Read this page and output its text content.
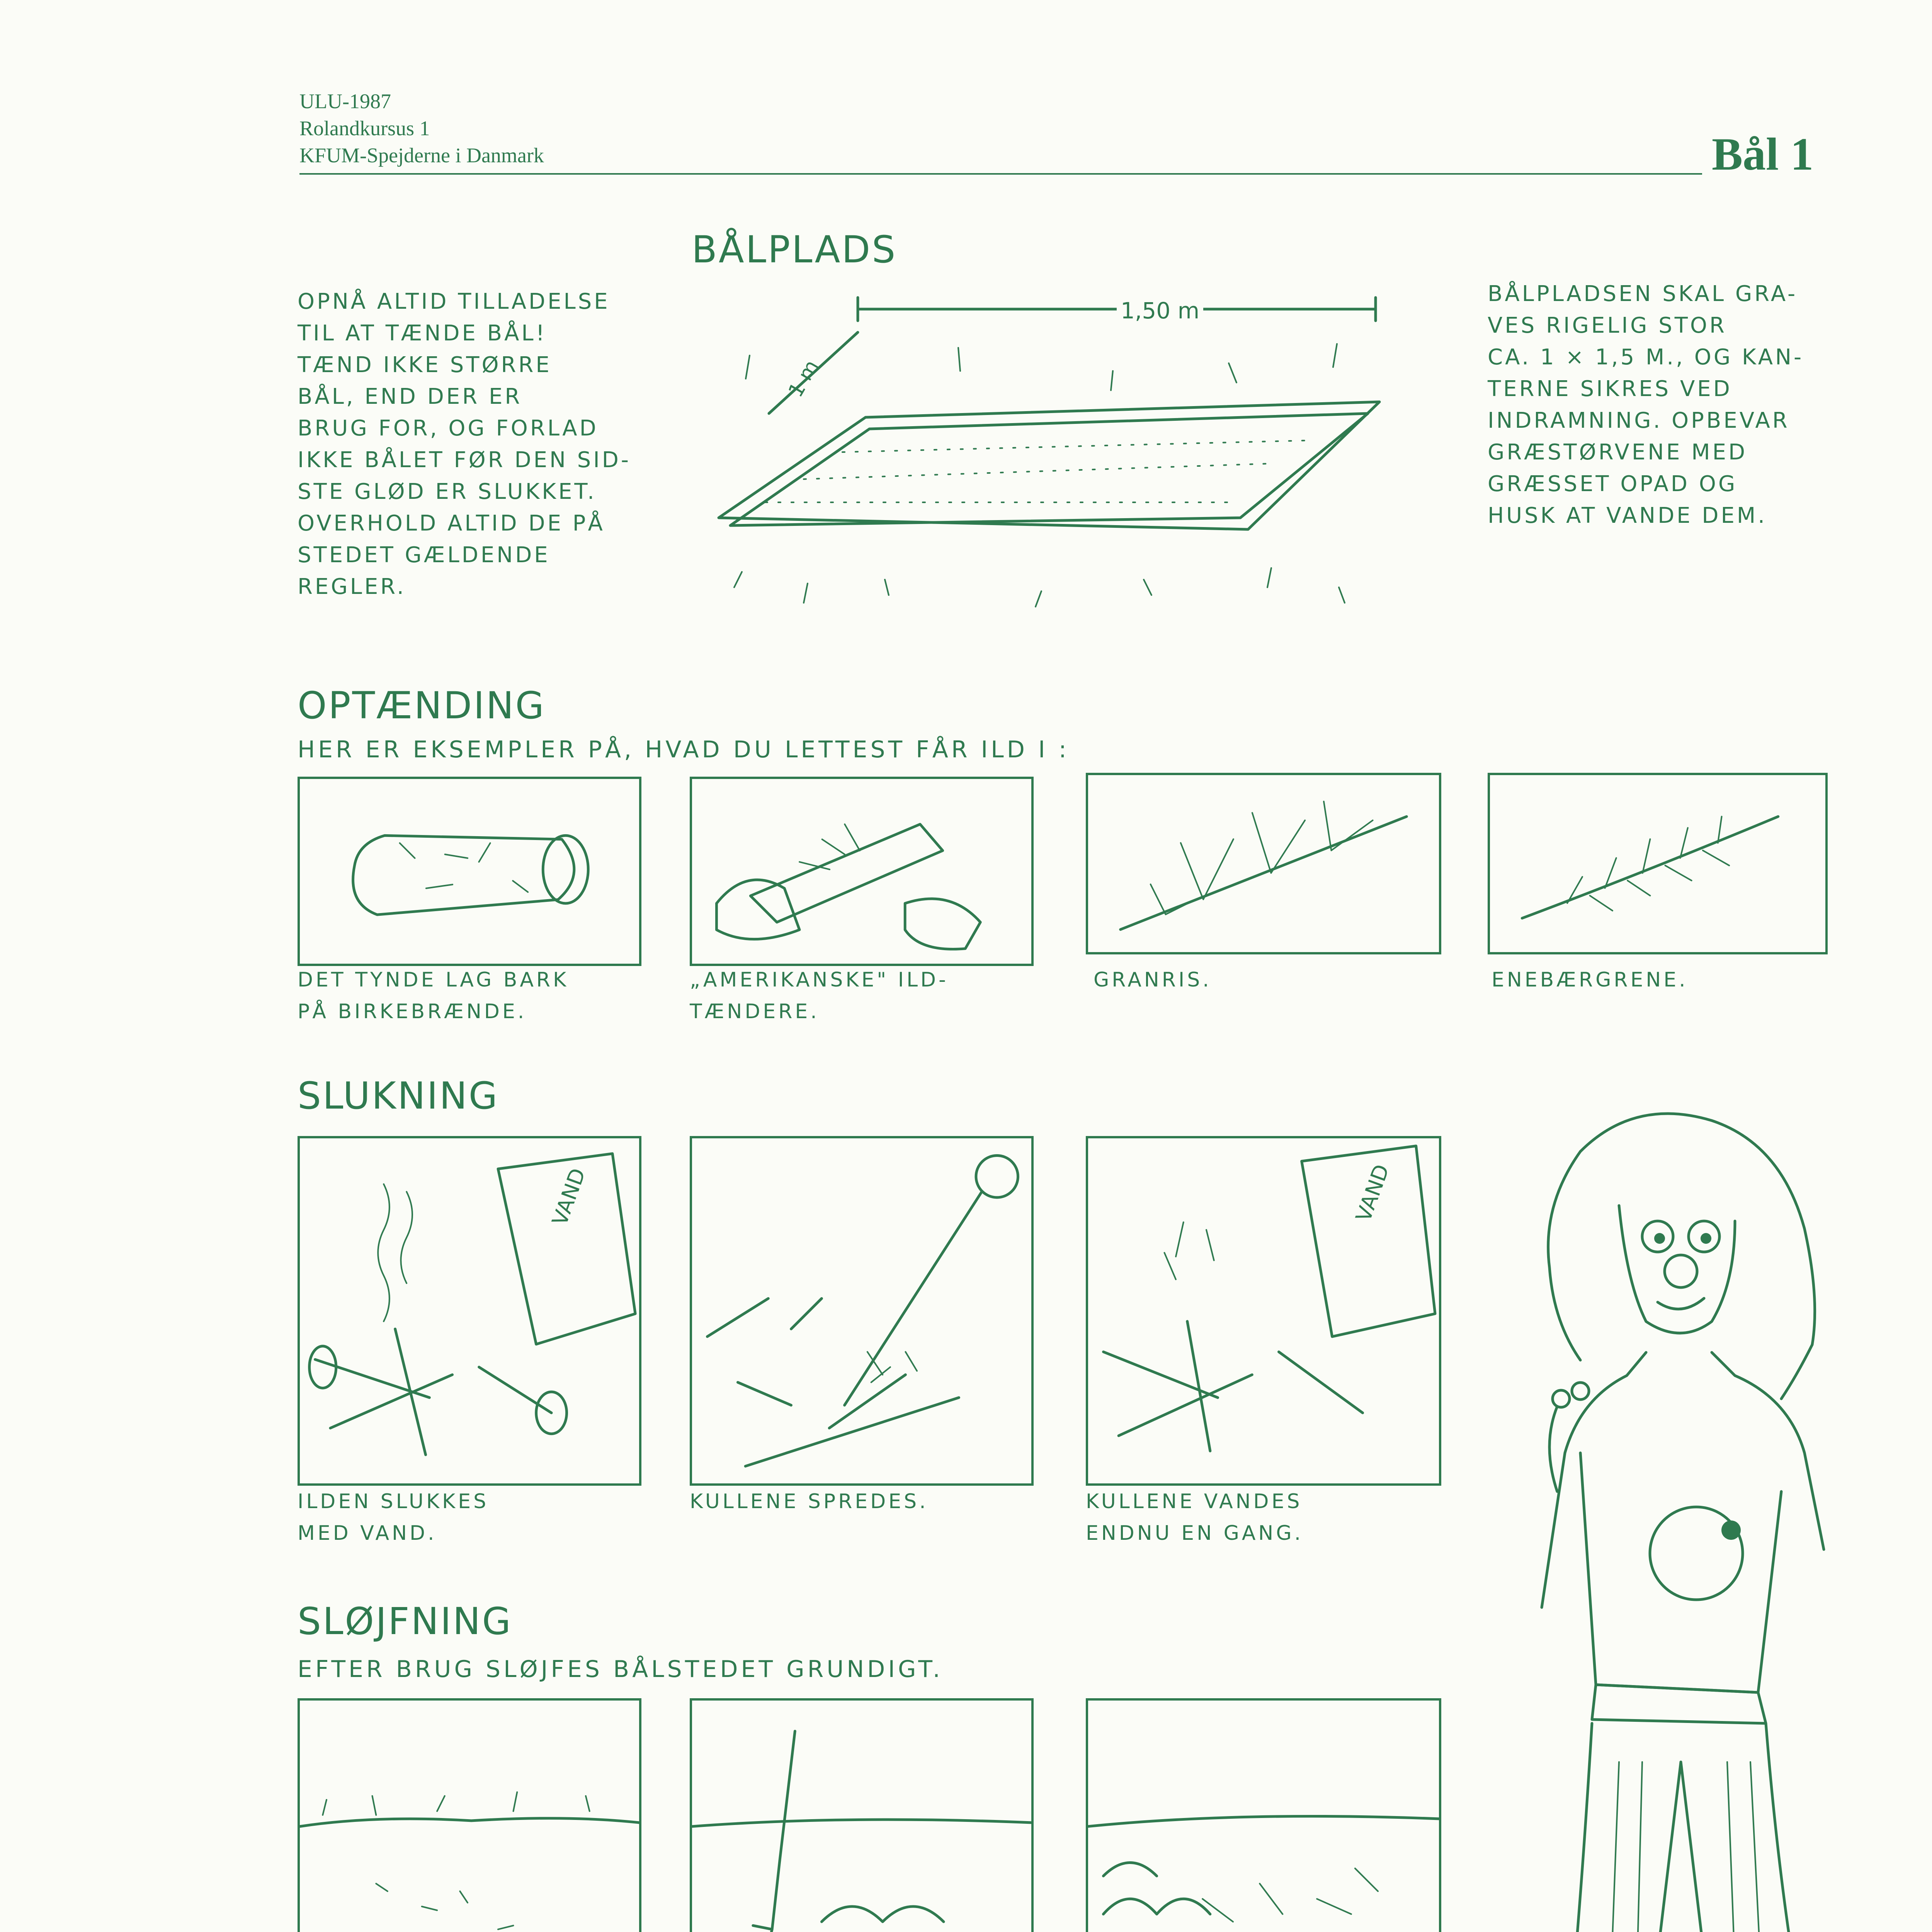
ULU-1987
Rolandkursus 1
KFUM-Spejderne i Danmark	Bål 1
BÅLPLADS
OPNÅ ALTID TILLADELSE
TIL AT TÆNDE BÅL!
TÆND IKKE STØRRE
BÅL, END DER ER
BRUG FOR, OG FORLAD
IKKE BÅLET FØR DEN SID-
STE GLØD ER SLUKKET.
OVERHOLD ALTID DE PÅ
STEDET GÆLDENDE
REGLER.
BÅLPLADSEN SKAL GRA-
VES RIGELIG STOR
CA. 1 × 1,5 M., OG KAN-
TERNE SIKRES VED
INDRAMNING. OPBEVAR
GRÆSTØRVENE MED
GRÆSSET OPAD OG
HUSK AT VANDE DEM.
1,50 m
1 m
OPTÆNDING
HER ER EKSEMPLER PÅ, HVAD DU LETTEST FÅR ILD I :
DET TYNDE LAG BARK
PÅ BIRKEBRÆNDE.
„AMERIKANSKE" ILD-
TÆNDERE.
GRANRIS.	ENEBÆRGRENE.
SLUKNING
VAND	VAND
ILDEN SLUKKES
MED VAND.
KULLENE SPREDES.	KULLENE VANDES
ENDNU EN GANG.
SLØJFNING
EFTER BRUG SLØJFES BÅLSTEDET GRUNDIGT.
